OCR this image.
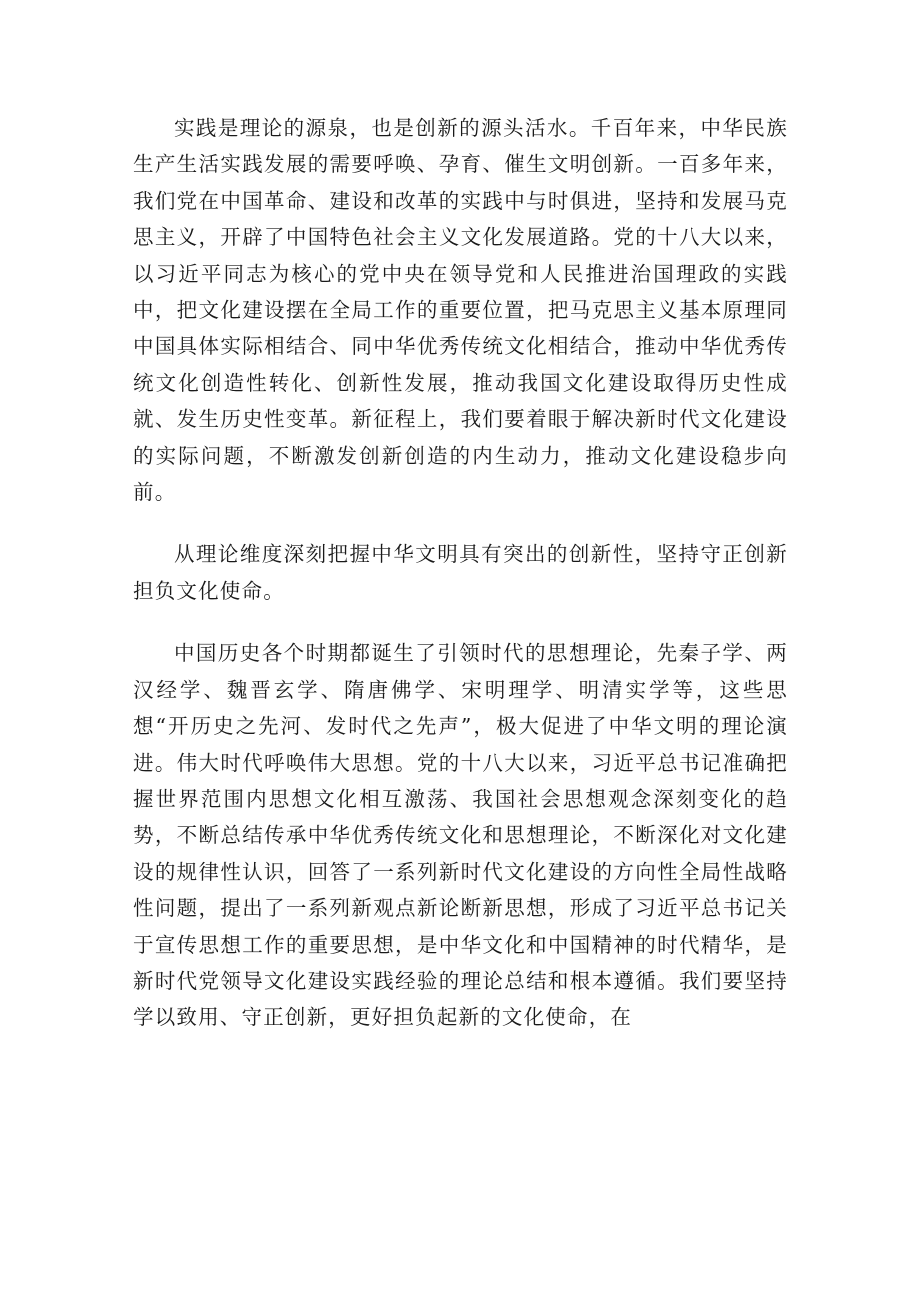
实践是理论的源泉，也是创新的源头活水。千百年来，中华民族生产生活实践发展的需要呼唤、孕育、催生文明创新。一百多年来，我们党在中国革命、建设和改革的实践中与时俱进，坚持和发展马克思主义，开辟了中国特色社会主义文化发展道路。党的十八大以来，以习近平同志为核心的党中央在领导党和人民推进治国理政的实践中，把文化建设摆在全局工作的重要位置，把马克思主义基本原理同中国具体实际相结合、同中华优秀传统文化相结合，推动中华优秀传统文化创造性转化、创新性发展，推动我国文化建设取得历史性成就、发生历史性变革。新征程上，我们要着眼于解决新时代文化建设的实际问题，不断激发创新创造的内生动力，推动文化建设稳步向前。

从理论维度深刻把握中华文明具有突出的创新性，坚持守正创新担负文化使命。

中国历史各个时期都诞生了引领时代的思想理论，先秦子学、两汉经学、魏晋玄学、隋唐佛学、宋明理学、明清实学等，这些思想“开历史之先河、发时代之先声”，极大促进了中华文明的理论演进。伟大时代呼唤伟大思想。党的十八大以来，习近平总书记准确把握世界范围内思想文化相互激荡、我国社会思想观念深刻变化的趋势，不断总结传承中华优秀传统文化和思想理论，不断深化对文化建设的规律性认识，回答了一系列新时代文化建设的方向性全局性战略性问题，提出了一系列新观点新论断新思想，形成了习近平总书记关于宣传思想工作的重要思想，是中华文化和中国精神的时代精华，是新时代党领导文化建设实践经验的理论总结和根本遵循。我们要坚持学以致用、守正创新，更好担负起新的文化使命，在
